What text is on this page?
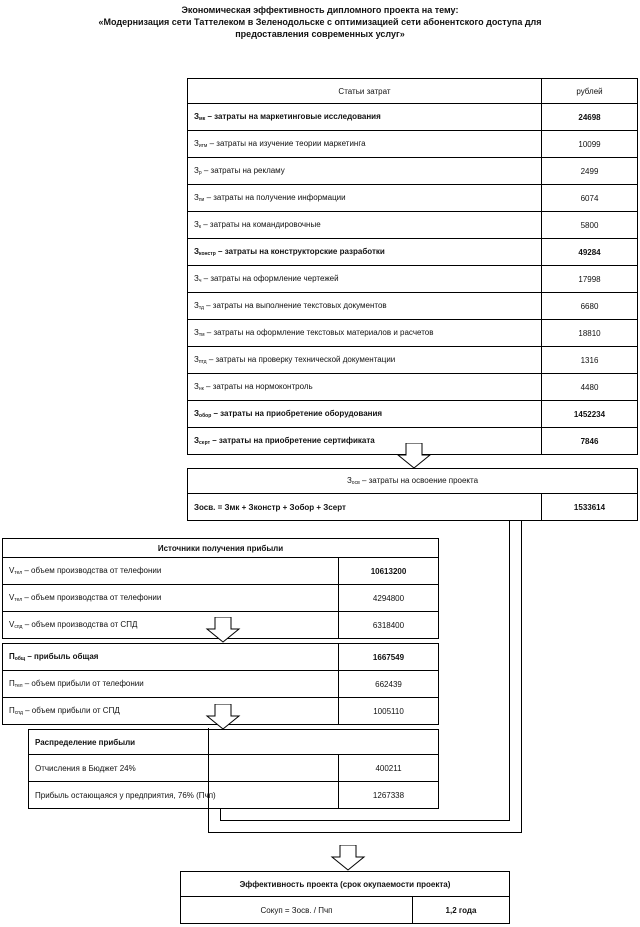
Экономическая эффективность дипломного проекта на тему:
«Модернизация сети Таттелеком в Зеленодольске с оптимизацией сети абонентского доступа для
предоставления современных услуг»
Статьи затрат	рублей
$З_{мк}$ – затраты на маркетинговые исследования	24698
$З_{итм}$ – затраты на изучение теории маркетинга	10099
$З_р$ – затраты на рекламу	2499
$З_{пи}$ – затраты на получение информации	6074
$З_к$ – затраты на командировочные	5800
$З_{констр}$ – затраты на конструкторские разработки	49284
$З_ч$ – затраты на оформление чертежей	17998
$З_{тд}$ – затраты на выполнение текстовых документов	6680
$З_{тм}$ – затраты на оформление текстовых материалов и расчетов	18810
$З_{птд}$ – затраты на проверку технической документации	1316
$З_{нк}$ – затраты на нормоконтроль	4480
$З_{обор}$ – затраты на приобретение оборудования	1452234
$З_{серт}$ – затраты на приобретение сертификата	7846
$З_{осв}$ – затраты на освоение проекта
Зосв. = Змк + Зконстр + Зобор + Зсерт	1533614
Источники получения прибыли	
$V_{тел}$ – объем производства от телефонии	10613200
$V_{тел}$ – объем производства от телефонии	4294800
$V_{спд}$ – объем производства от СПД	6318400
$П_{общ}$ – прибыль общая	1667549
$П_{тел}$ – объем прибыли от телефонии	662439
$П_{спд}$ – объем прибыли от СПД	1005110
Распределение прибыли	
Отчисления в Бюджет 24%	400211
Прибыль остающаяся у предприятия, 76% (Пчп)	1267338
Эффективность проекта (срок окупаемости проекта)
Сокуп = Зосв. / Пчп	1,2 года
